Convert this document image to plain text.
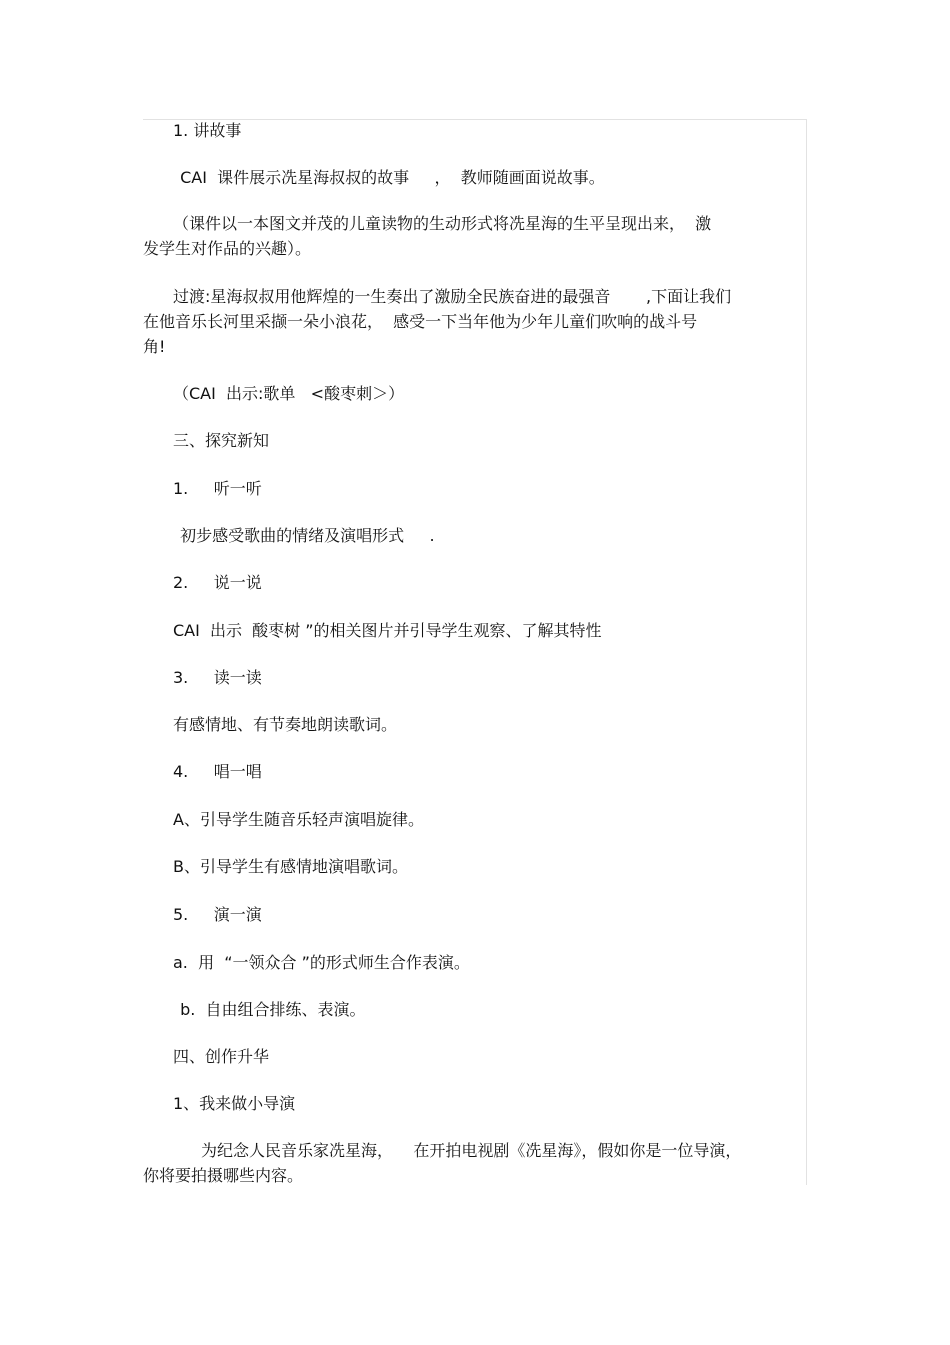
1. 讲故事

CAI  课件展示冼星海叔叔的故事     ，  教师随画面说故事。

（课件以一本图文并茂的儿童读物的生动形式将冼星海的生平呈现出来，  激

发学生对作品的兴趣）。

过渡:星海叔叔用他辉煌的一生奏出了激励全民族奋进的最强音       ,下面让我们

在他音乐长河里采撷一朵小浪花，  感受一下当年他为少年儿童们吹响的战斗号

角!

（CAI  出示:歌单   <酸枣刺＞）

三、探究新知

1.     听一听

初步感受歌曲的情绪及演唱形式     .

2.     说一说

CAI  出示  酸枣树 ”的相关图片并引导学生观察、了解其特性

3.     读一读

有感情地、有节奏地朗读歌词。

4.     唱一唱

A、引导学生随音乐轻声演唱旋律。

B、引导学生有感情地演唱歌词。

5.     演一演

a.  用  “一领众合 ”的形式师生合作表演。

b.  自由组合排练、表演。

四、创作升华

1、我来做小导演

为纪念人民音乐家冼星海，    在开拍电视剧《冼星海》，假如你是一位导演，

你将要拍摄哪些内容。
